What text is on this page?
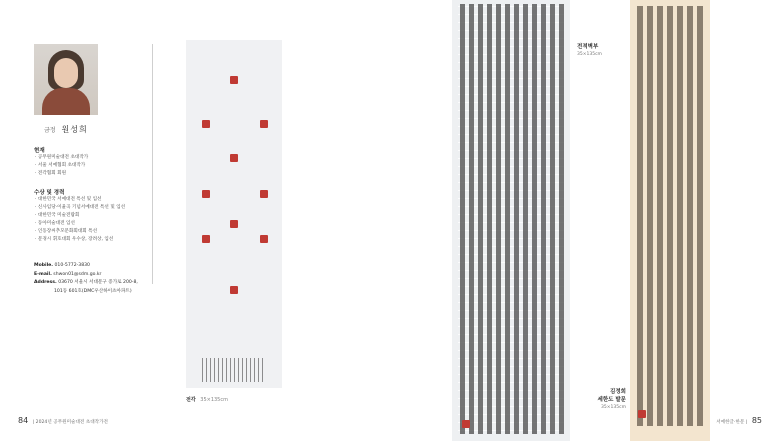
금정 원성희
현재
· 공무원미술대전 초대작가
· 서울 서예협회 초대작가
· 전각협회 회원
수상 및 경력
· 대한민국 서예대전 특선 및 입선
· 신사임당·이율곡 기념서예대전 특선 및 입선
· 대한민국 미술전람회
· 동아미술대전 입선
· 인동장씨추모문화회대회 특선
· 문경시 휘호대회 우수상, 장려상, 입선
Mobile. 010-5772-3830
E-mail. shwon01@sdm.go.kr
Address. 03670 서울시 서대문구 증가로 200-8,
101동 601호(DMC우산하이츠아파트)
전각 35×135cm
전적벽부
35×135cm
김정희
세한도 발문
35×135cm
84 | 2024년 공무원미술대전 초대작가전	서예한글·한문 | 85
